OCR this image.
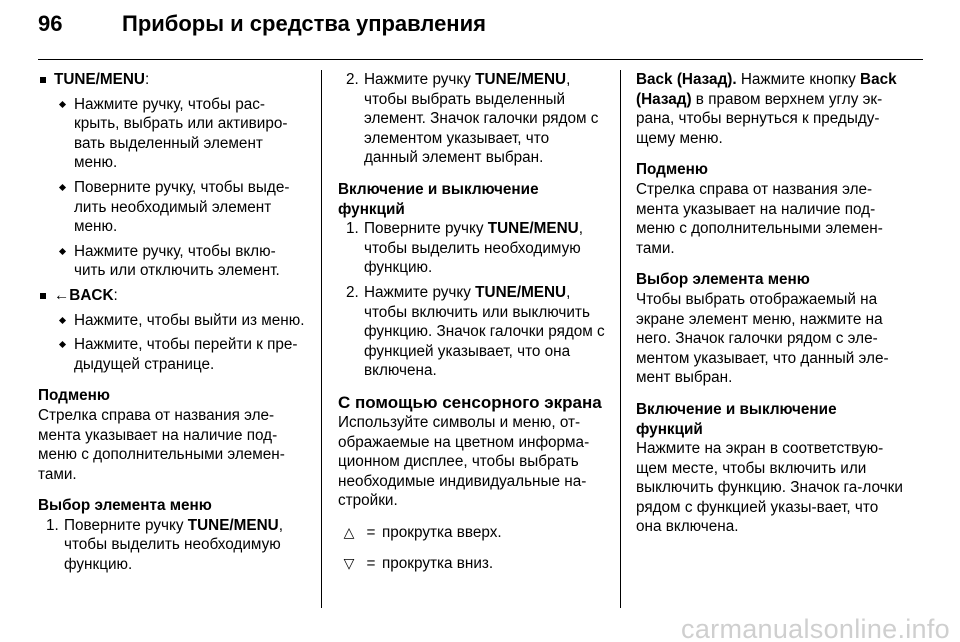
96	Приборы и средства управления
TUNE/MENU:
Нажмите ручку, чтобы рас-крыть, выбрать или активиро-вать выделенный элемент меню.
Поверните ручку, чтобы выде-лить необходимый элемент меню.
Нажмите ручку, чтобы вклю-чить или отключить элемент.
←BACK:
Нажмите, чтобы выйти из меню.
Нажмите, чтобы перейти к пре-дыдущей странице.
Подменю
Стрелка справа от названия эле-мента указывает на наличие под-меню с дополнительными элемен-тами.
Выбор элемента меню
1. Поверните ручку TUNE/MENU, чтобы выделить необходимую функцию.
2. Нажмите ручку TUNE/MENU, чтобы выбрать выделенный элемент. Значок галочки рядом с элементом указывает, что данный элемент выбран.
Включение и выключение функций
1. Поверните ручку TUNE/MENU, чтобы выделить необходимую функцию.
2. Нажмите ручку TUNE/MENU, чтобы включить или выключить функцию. Значок галочки рядом с функцией указывает, что она включена.
С помощью сенсорного экрана
Используйте символы и меню, от-ображаемые на цветном информа-ционном дисплее, чтобы выбрать необходимые индивидуальные на-стройки.
△ = прокрутка вверх.
▽ = прокрутка вниз.
Back (Назад). Нажмите кнопку Back (Назад) в правом верхнем углу эк-рана, чтобы вернуться к предыду-щему меню.
Подменю
Стрелка справа от названия эле-мента указывает на наличие под-меню с дополнительными элемен-тами.
Выбор элемента меню
Чтобы выбрать отображаемый на экране элемент меню, нажмите на него. Значок галочки рядом с эле-ментом указывает, что данный эле-мент выбран.
Включение и выключение функций
Нажмите на экран в соответствую-щем месте, чтобы включить или выключить функцию. Значок га-лочки рядом с функцией указы-вает, что она включена.
carmanualsonline.info
